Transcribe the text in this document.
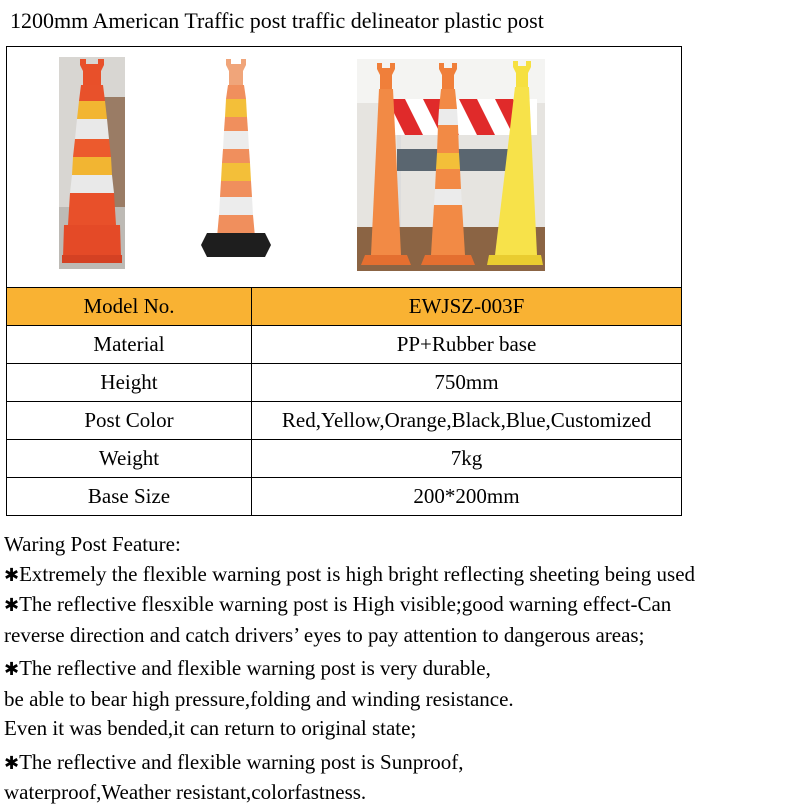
1200mm American Traffic post traffic delineator plastic post
Model No.	EWJSZ-003F
Material	PP+Rubber base
Height	750mm
Post Color	Red,Yellow,Orange,Black,Blue,Customized
Weight	7kg
Base Size	200*200mm

Waring Post Feature:

✱Extremely the flexible warning post is high bright reflecting sheeting being used

✱The reflective flesxible warning post is High visible;good warning effect-Can

reverse direction and catch drivers’ eyes to pay attention to dangerous areas;

✱The reflective and flexible warning post is very durable,

be able to bear high pressure,folding and winding resistance.

Even it was bended,it can return to original state;

✱The reflective and flexible warning post is Sunproof,

waterproof,Weather resistant,colorfastness.
